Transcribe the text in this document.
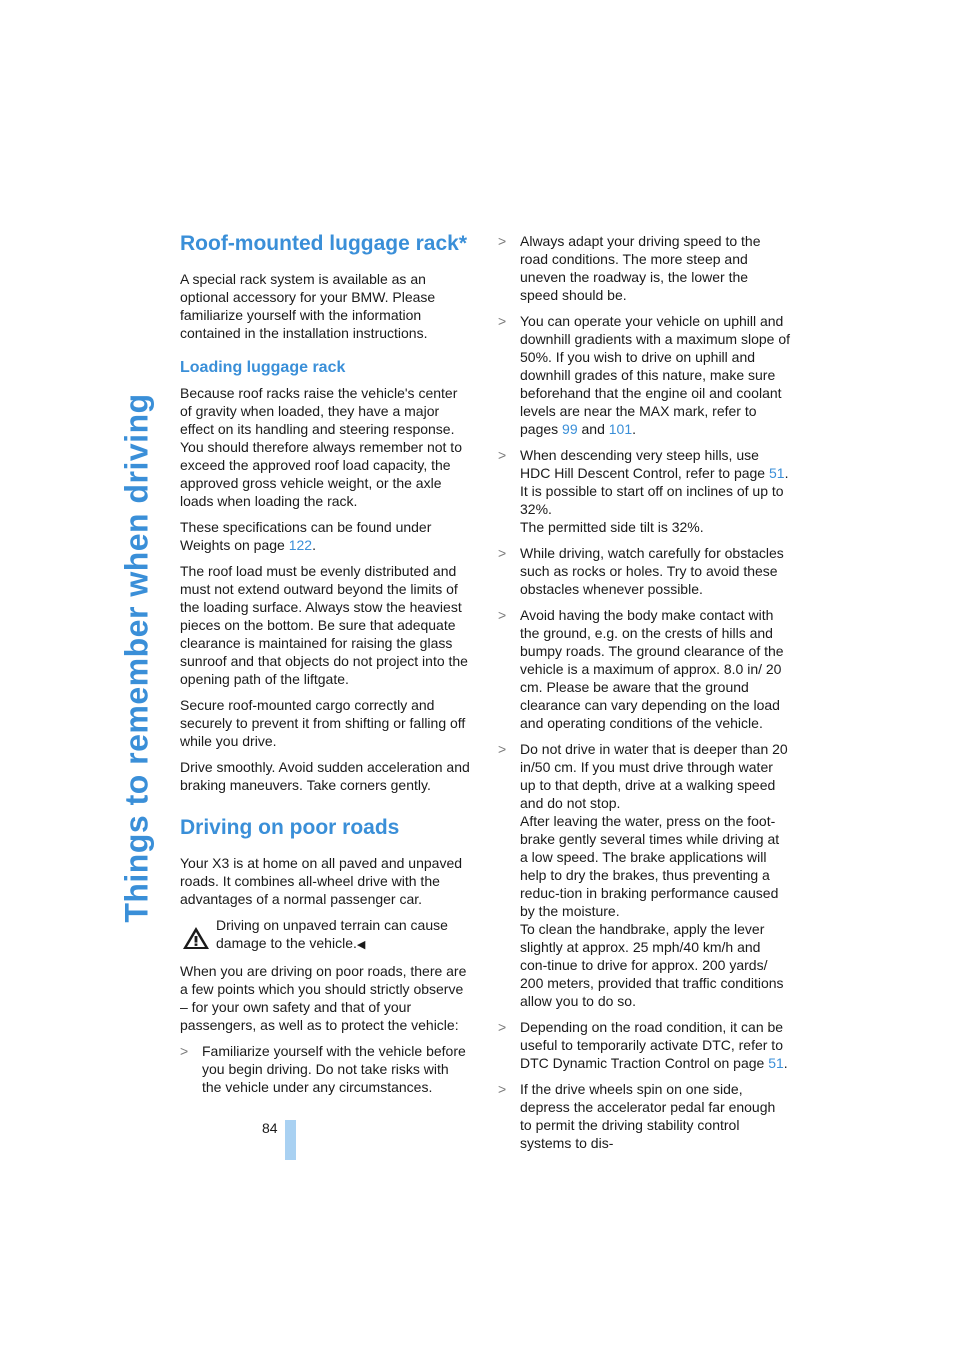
Things to remember when driving
Roof-mounted luggage rack*

A special rack system is available as an optional accessory for your BMW. Please familiarize yourself with the information contained in the installation instructions.

Loading luggage rack

Because roof racks raise the vehicle's center of gravity when loaded, they have a major effect on its handling and steering response. You should therefore always remember not to exceed the approved roof load capacity, the approved gross vehicle weight, or the axle loads when loading the rack.

These specifications can be found under Weights on page 122.

The roof load must be evenly distributed and must not extend outward beyond the limits of the loading surface. Always stow the heaviest pieces on the bottom. Be sure that adequate clearance is maintained for raising the glass sunroof and that objects do not project into the opening path of the liftgate.

Secure roof-mounted cargo correctly and securely to prevent it from shifting or falling off while you drive.

Drive smoothly. Avoid sudden acceleration and braking maneuvers. Take corners gently.

Driving on poor roads

Your X3 is at home on all paved and unpaved roads. It combines all-wheel drive with the advantages of a normal passenger car.

Driving on unpaved terrain can cause damage to the vehicle.◀

When you are driving on poor roads, there are a few points which you should strictly observe – for your own safety and that of your passengers, as well as to protect the vehicle:

> Familiarize yourself with the vehicle before you begin driving. Do not take risks with the vehicle under any circumstances.
> Always adapt your driving speed to the road conditions. The more steep and uneven the roadway is, the lower the speed should be.
> You can operate your vehicle on uphill and downhill gradients with a maximum slope of 50%. If you wish to drive on uphill and downhill grades of this nature, make sure beforehand that the engine oil and coolant levels are near the MAX mark, refer to pages 99 and 101.
> When descending very steep hills, use HDC Hill Descent Control, refer to page 51.
It is possible to start off on inclines of up to 32%.
The permitted side tilt is 32%.
> While driving, watch carefully for obstacles such as rocks or holes. Try to avoid these obstacles whenever possible.
> Avoid having the body make contact with the ground, e.g. on the crests of hills and bumpy roads. The ground clearance of the vehicle is a maximum of approx. 8.0 in/ 20 cm. Please be aware that the ground clearance can vary depending on the load and operating conditions of the vehicle.
> Do not drive in water that is deeper than 20 in/50 cm. If you must drive through water up to that depth, drive at a walking speed and do not stop.
After leaving the water, press on the foot-brake gently several times while driving at a low speed. The brake applications will help to dry the brakes, thus preventing a reduc-tion in braking performance caused by the moisture.
To clean the handbrake, apply the lever slightly at approx. 25 mph/40 km/h and con-tinue to drive for approx. 200 yards/ 200 meters, provided that traffic conditions allow you to do so.
> Depending on the road condition, it can be useful to temporarily activate DTC, refer to DTC Dynamic Traction Control on page 51.
> If the drive wheels spin on one side, depress the accelerator pedal far enough to permit the driving stability control systems to dis-
84
